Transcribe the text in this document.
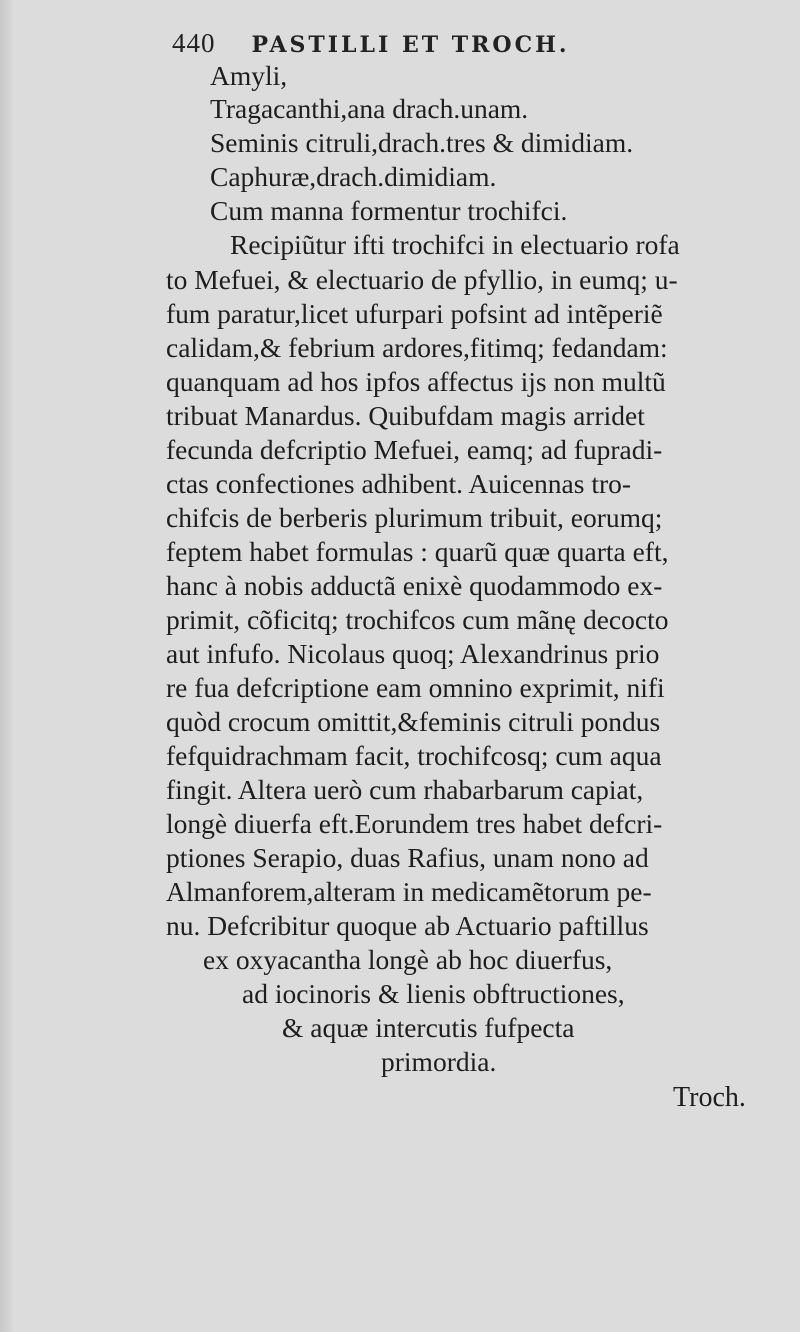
440 PASTILLI ET TROCH.
Amyli,
Tragacanthi,ana drach.unam.
Seminis citruli,drach.tres & dimidiam.
Caphuræ,drach.dimidiam.
Cum manna formentur trochifci.
Recipiũtur ifti trochifci in electuario rofa
to Mefuei, & electuario de pfyllio, in eumq; u-
fum paratur,licet ufurpari pofsint ad intẽperiẽ
calidam,& febrium ardores,fitimq; fedandam:
quanquam ad hos ipfos affectus ijs non multũ
tribuat Manardus. Quibufdam magis arridet
fecunda defcriptio Mefuei, eamq; ad fupradi-
ctas confectiones adhibent. Auicennas tro-
chifcis de berberis plurimum tribuit, eorumq;
feptem habet formulas : quarũ quæ quarta eft,
hanc à nobis adductã enixè quodammodo ex-
primit, cõficitq; trochifcos cum mãnę decocto
aut infufo. Nicolaus quoq; Alexandrinus prio
re fua defcriptione eam omnino exprimit, nifi
quòd crocum omittit,&feminis citruli pondus
fefquidrachmam facit, trochifcosq; cum aqua
fingit. Altera uerò cum rhabarbarum capiat,
longè diuerfa eft.Eorundem tres habet defcri-
ptiones Serapio, duas Rafius, unam nono ad
Almanforem,alteram in medicamẽtorum pe-
nu. Defcribitur quoque ab Actuario paftillus
ex oxyacantha longè ab hoc diuerfus,
ad iocinoris & lienis obftructiones,
& aquæ intercutis fufpecta
primordia.
Troch.
